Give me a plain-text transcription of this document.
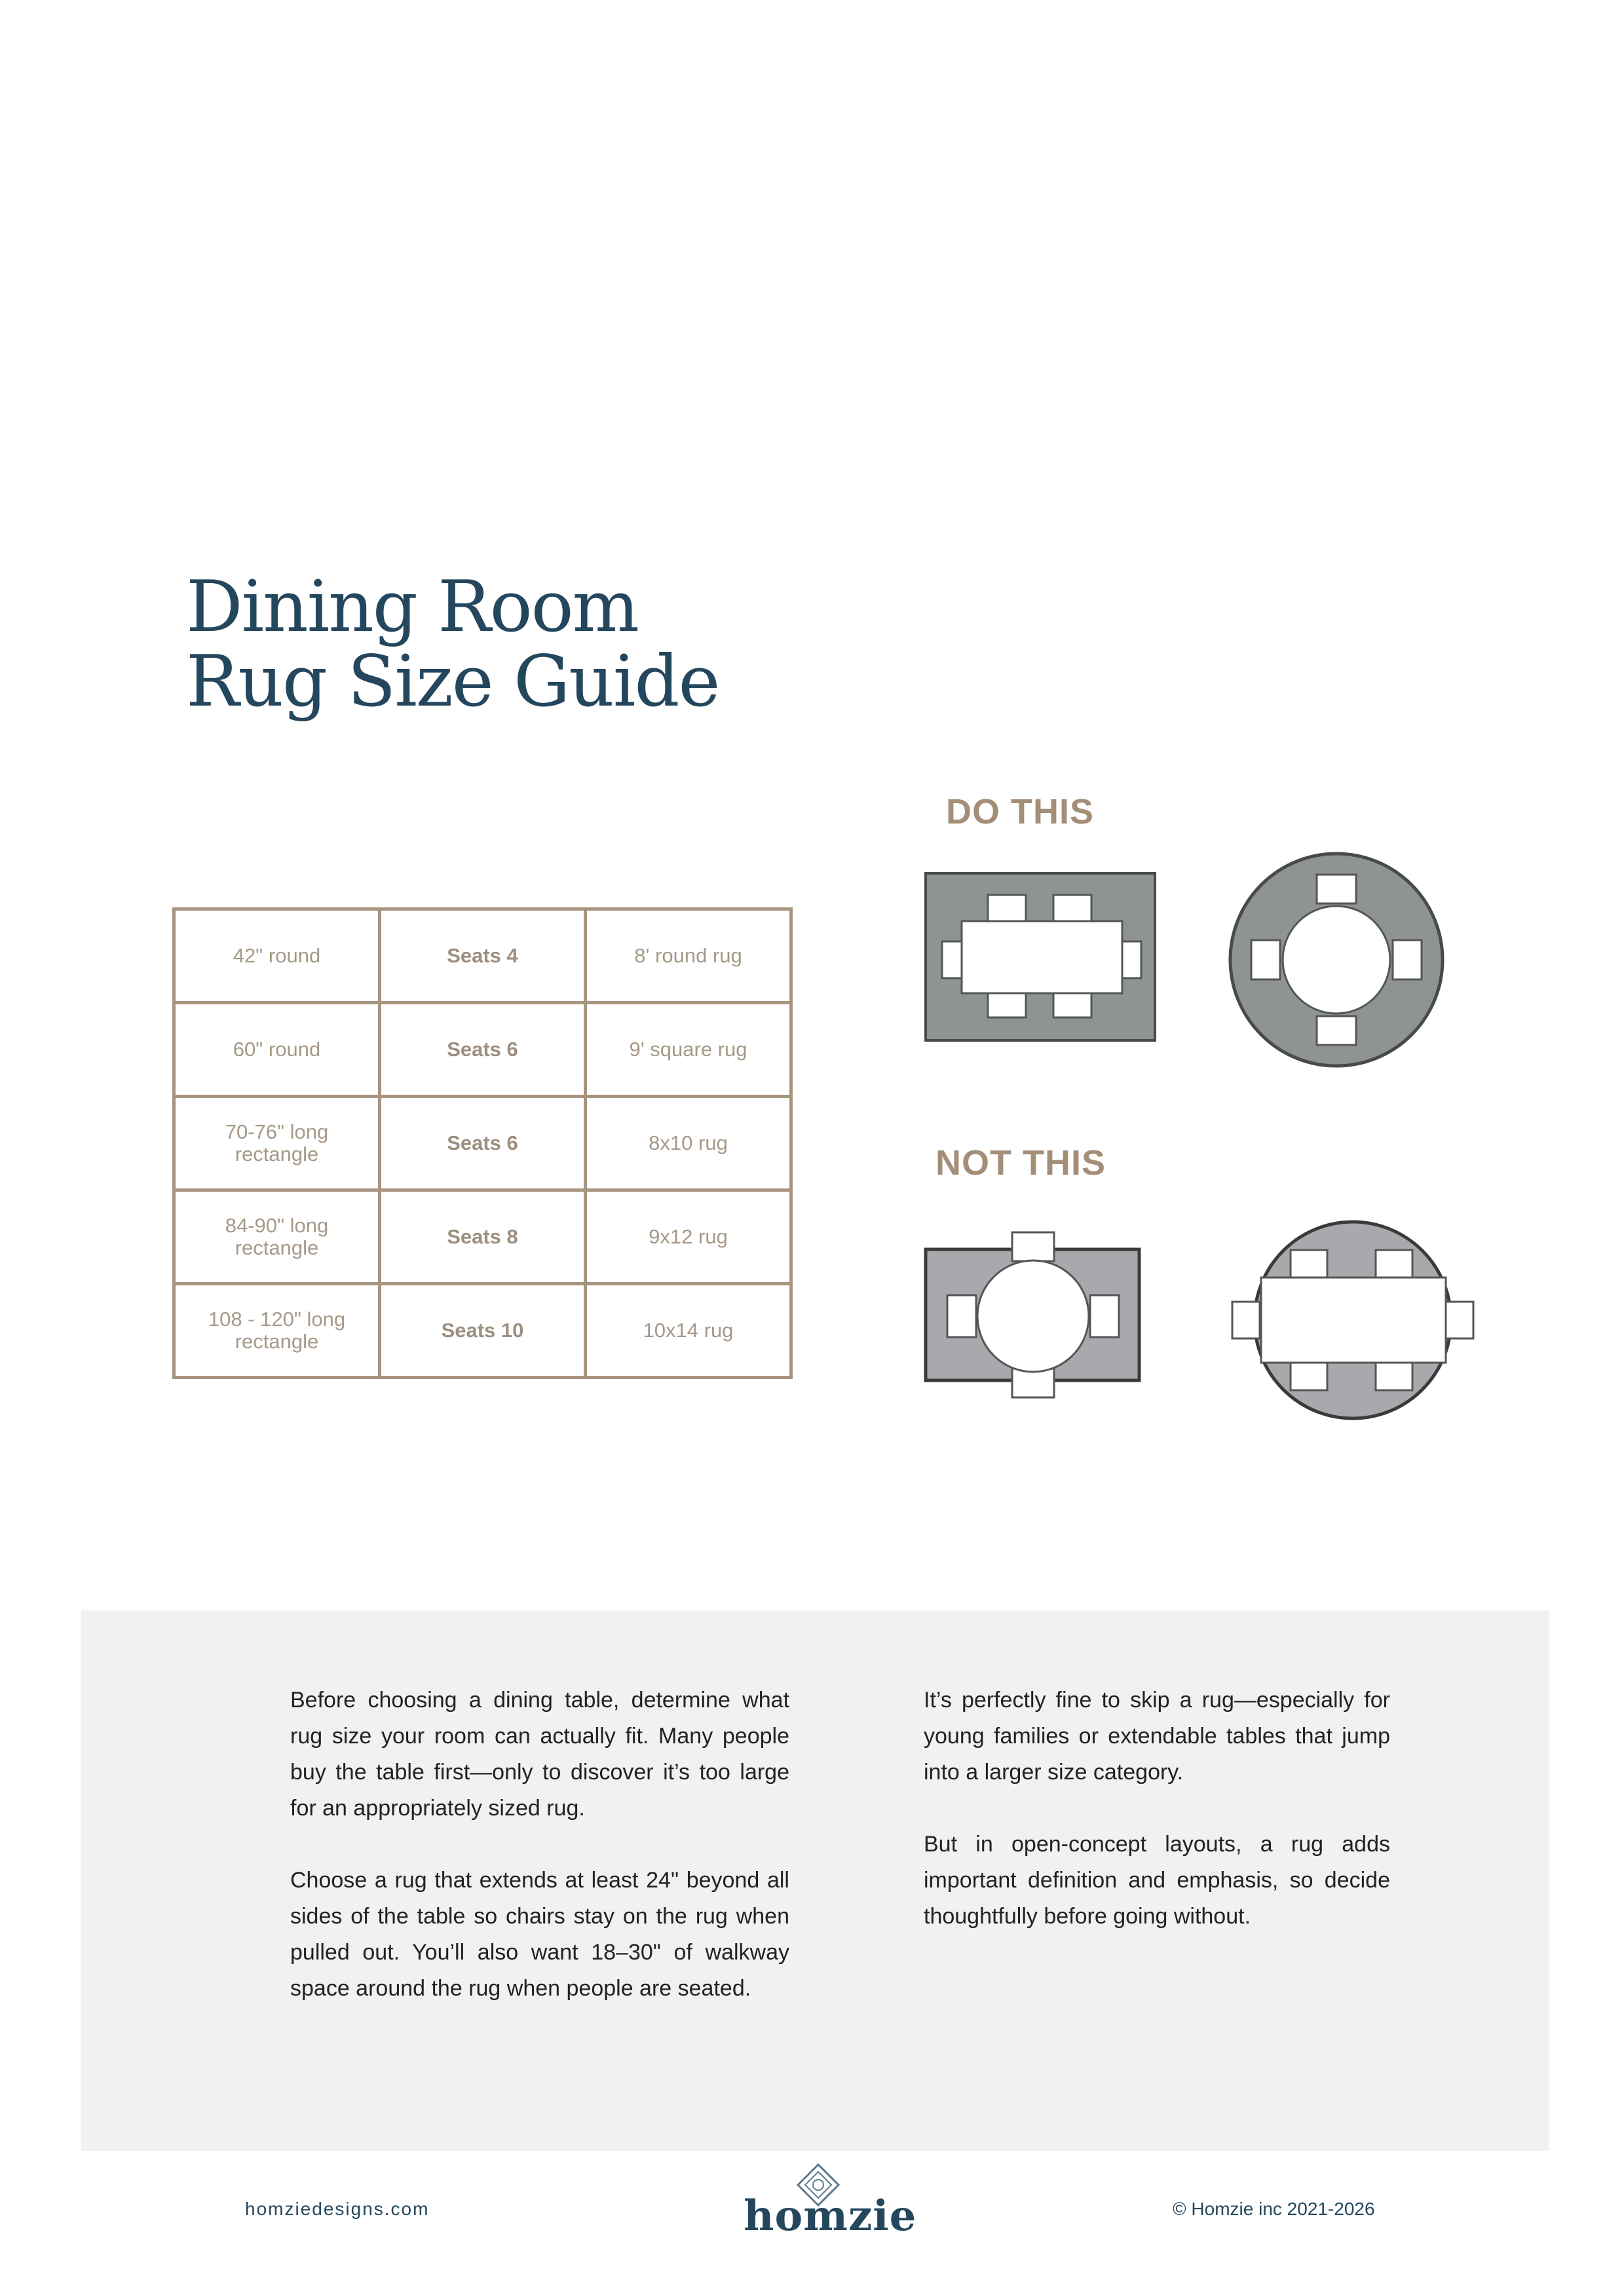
Dining Room
Rug Size Guide
42" round	Seats 4	8' round rug
60" round	Seats 6	9' square rug
70-76" long rectangle	Seats 6	8x10 rug
84-90" long rectangle	Seats 8	9x12 rug
108 - 120" long rectangle	Seats 10	10x14 rug
DO THIS
NOT THIS

Before choosing a dining table, determine what rug size your room can actually fit. Many people buy the table first—only to discover it’s too large for an appropriately sized rug.

Choose a rug that extends at least 24" beyond all sides of the table so chairs stay on the rug when pulled out. You’ll also want 18–30" of walkway space around the rug when people are seated.

It’s perfectly fine to skip a rug—especially for young families or extendable tables that jump into a larger size category.

But in open-concept layouts, a rug adds important definition and emphasis, so decide thoughtfully before going without.

homziedesigns.com	homzie	© Homzie inc 2021-2026
